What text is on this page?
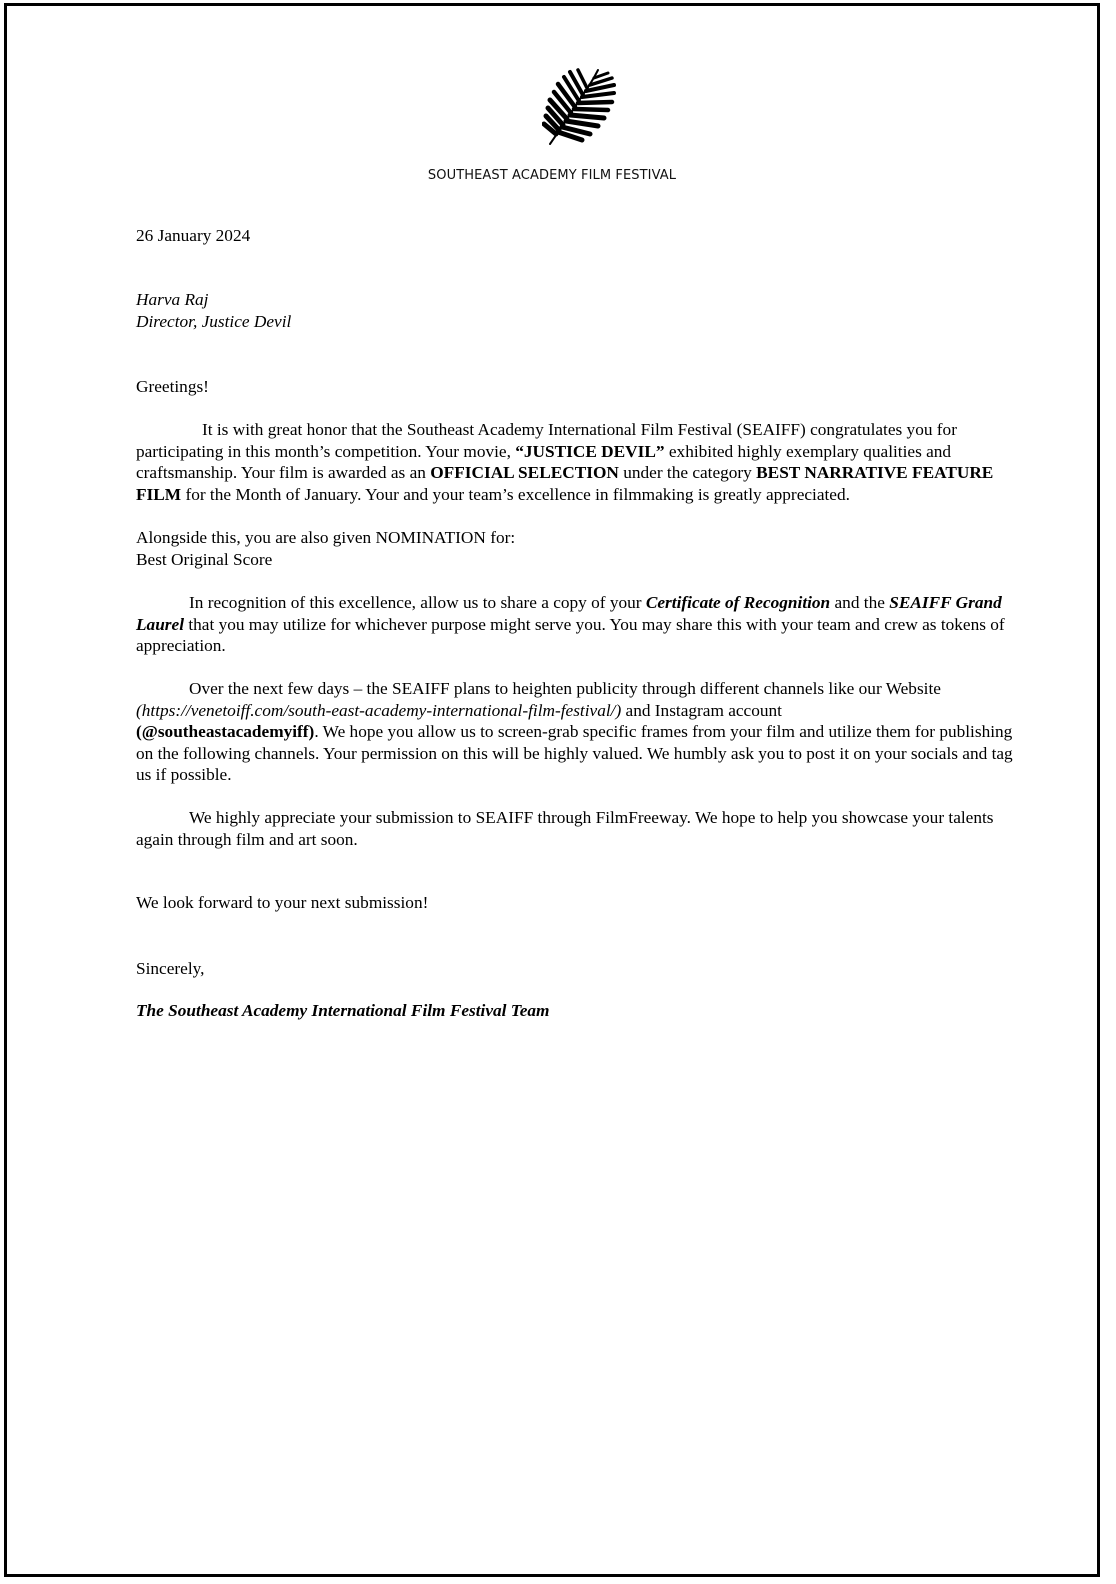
SOUTHEAST ACADEMY FILM FESTIVAL
26 January 2024
Harva Raj
Director, Justice Devil
Greetings!
It is with great honor that the Southeast Academy International Film Festival (SEAIFF) congratulates you for participating in this month’s competition. Your movie, “JUSTICE DEVIL” exhibited highly exemplary qualities and craftsmanship. Your film is awarded as an OFFICIAL SELECTION under the category BEST NARRATIVE FEATURE FILM for the Month of January. Your and your team’s excellence in filmmaking is greatly appreciated.
Alongside this, you are also given NOMINATION for:
Best Original Score
In recognition of this excellence, allow us to share a copy of your Certificate of Recognition and the SEAIFF Grand Laurel that you may utilize for whichever purpose might serve you. You may share this with your team and crew as tokens of appreciation.
Over the next few days – the SEAIFF plans to heighten publicity through different channels like our Website
(https://venetoiff.com/south-east-academy-international-film-festival/) and Instagram account
(@southeastacademyiff). We hope you allow us to screen-grab specific frames from your film and utilize them for publishing on the following channels. Your permission on this will be highly valued. We humbly ask you to post it on your socials and tag us if possible.
We highly appreciate your submission to SEAIFF through FilmFreeway. We hope to help you showcase your talents again through film and art soon.
We look forward to your next submission!
Sincerely,
The Southeast Academy International Film Festival Team
